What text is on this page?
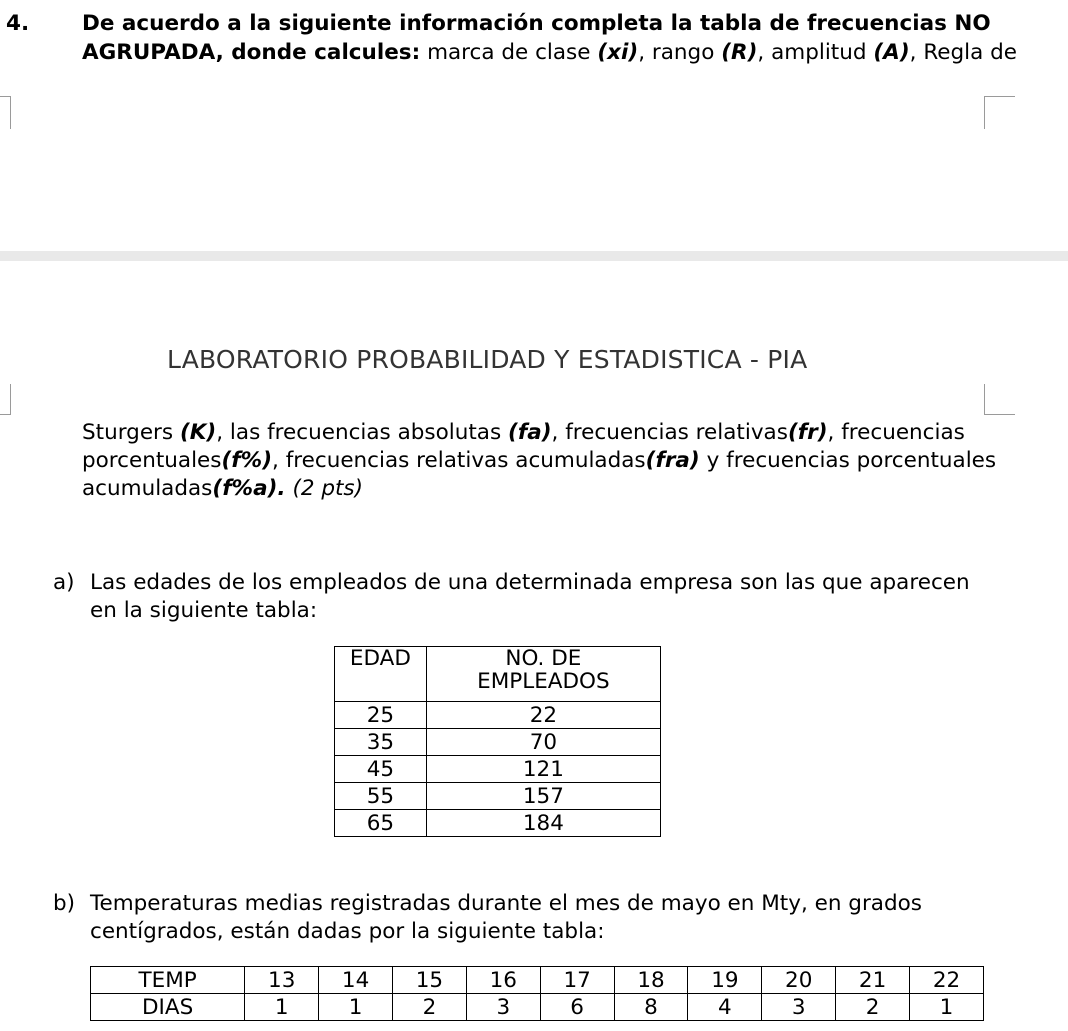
4. De acuerdo a la siguiente información completa la tabla de frecuencias NO
AGRUPADA, donde calcules: marca de clase (xi), rango (R), amplitud (A), Regla de
LABORATORIO PROBABILIDAD Y ESTADISTICA - PIA
Sturgers (K), las frecuencias absolutas (fa), frecuencias relativas(fr), frecuencias
porcentuales(f%), frecuencias relativas acumuladas(fra) y frecuencias porcentuales
acumuladas(f%a). (2 pts)
a) Las edades de los empleados de una determinada empresa son las que aparecen
en la siguiente tabla:
EDAD	NO. DE
EMPLEADOS

25	22
35	70
45	121
55	157
65	184
b) Temperaturas medias registradas durante el mes de mayo en Mty, en grados
centígrados, están dadas por la siguiente tabla:
TEMP	13	14	15	16	17	18	19	20	21	22
DIAS	1	1	2	3	6	8	4	3	2	1
